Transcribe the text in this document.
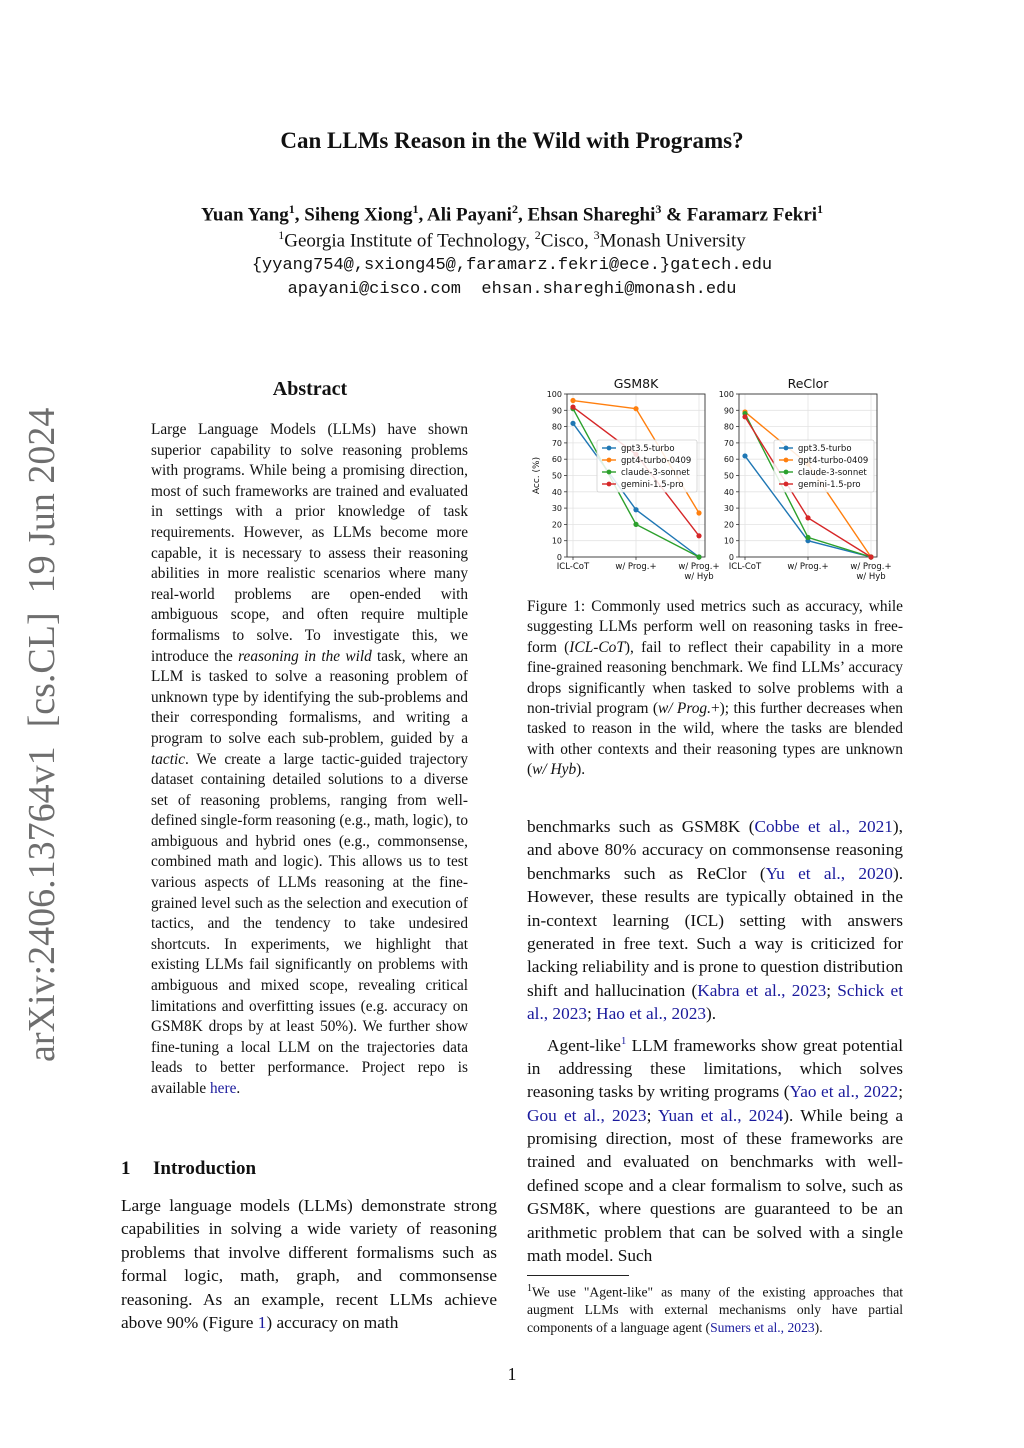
Can LLMs Reason in the Wild with Programs?
Yuan Yang$^1$, Siheng Xiong$^1$, Ali Payani$^2$, Ehsan Shareghi$^3$ & Faramarz Fekri$^1$
$^1$Georgia Institute of Technology, $^2$Cisco, $^3$Monash University
{yyang754@,sxiong45@,faramarz.fekri@ece.}gatech.edu
apayani@cisco.com  ehsan.shareghi@monash.edu
arXiv:2406.13764v1  [cs.CL]  19 Jun 2024
Abstract
Large Language Models (LLMs) have shown superior capability to solve reasoning problems with programs. While being a promising direction, most of such frameworks are trained and evaluated in settings with a prior knowledge of task requirements. However, as LLMs become more capable, it is necessary to assess their reasoning abilities in more realistic scenarios where many real-world problems are open-ended with ambiguous scope, and often require multiple formalisms to solve. To investigate this, we introduce the reasoning in the wild task, where an LLM is tasked to solve a reasoning problem of unknown type by identifying the sub-problems and their corresponding formalisms, and writing a program to solve each sub-problem, guided by a tactic. We create a large tactic-guided trajectory dataset containing detailed solutions to a diverse set of reasoning problems, ranging from well-defined single-form reasoning (e.g., math, logic), to ambiguous and hybrid ones (e.g., commonsense, combined math and logic). This allows us to test various aspects of LLMs reasoning at the fine-grained level such as the selection and execution of tactics, and the tendency to take undesired shortcuts. In experiments, we highlight that existing LLMs fail significantly on problems with ambiguous and mixed scope, revealing critical limitations and overfitting issues (e.g. accuracy on GSM8K drops by at least 50%). We further show fine-tuning a local LLM on the trajectories data leads to better performance. Project repo is available here.
1 Introduction
Large language models (LLMs) demonstrate strong capabilities in solving a wide variety of reasoning problems that involve different formalisms such as formal logic, math, graph, and commonsense reasoning. As an example, recent LLMs achieve above 90% (Figure 1) accuracy on math
0
10
20
30
40
50
60
70
80
90
100
ICL-CoT	w/ Prog.+	w/ Prog.+
w/ Hyb
GSM8K
Acc. (%)
gpt3.5-turbo
gpt4-turbo-0409
claude-3-sonnet
gemini-1.5-pro
0
10
20
30
40
50
60
70
80
90
100
ICL-CoT	w/ Prog.+	w/ Prog.+
w/ Hyb
ReClor
gpt3.5-turbo
gpt4-turbo-0409
claude-3-sonnet
gemini-1.5-pro
Figure 1: Commonly used metrics such as accuracy, while suggesting LLMs perform well on reasoning tasks in free-form (ICL-CoT), fail to reflect their capability in a more fine-grained reasoning benchmark. We find LLMs’ accuracy drops significantly when tasked to solve problems with a non-trivial program (w/ Prog.+); this further decreases when tasked to reason in the wild, where the tasks are blended with other contexts and their reasoning types are unknown (w/ Hyb).

benchmarks such as GSM8K (Cobbe et al., 2021), and above 80% accuracy on commonsense reasoning benchmarks such as ReClor (Yu et al., 2020). However, these results are typically obtained in the in-context learning (ICL) setting with answers generated in free text. Such a way is criticized for lacking reliability and is prone to question distribution shift and hallucination (Kabra et al., 2023; Schick et al., 2023; Hao et al., 2023).

Agent-like$^1$ LLM frameworks show great potential in addressing these limitations, which solves reasoning tasks by writing programs (Yao et al., 2022; Gou et al., 2023; Yuan et al., 2024). While being a promising direction, most of these frameworks are trained and evaluated on benchmarks with well-defined scope and a clear formalism to solve, such as GSM8K, where questions are guaranteed to be an arithmetic problem that can be solved with a single math model. Such

$^1$We use "Agent-like" as many of the existing approaches that augment LLMs with external mechanisms only have partial components of a language agent (Sumers et al., 2023).
1
